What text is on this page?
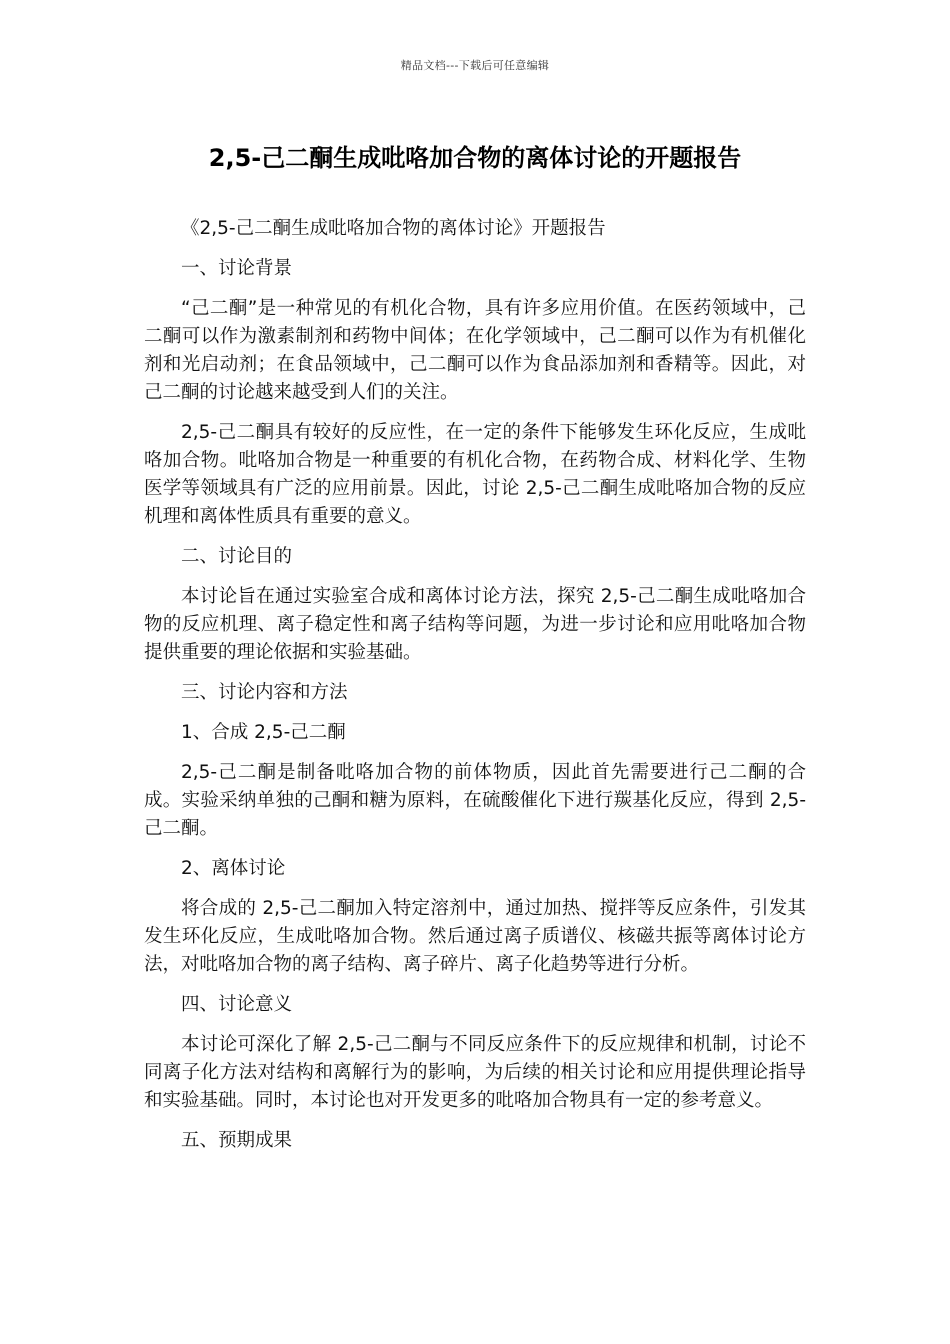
精品文档---下载后可任意编辑
2,5-己二酮生成吡咯加合物的离体讨论的开题报告

《2,5-己二酮生成吡咯加合物的离体讨论》开题报告

一、讨论背景

“己二酮”是一种常见的有机化合物，具有许多应用价值。在医药领域中，己二酮可以作为激素制剂和药物中间体；在化学领域中，己二酮可以作为有机催化剂和光启动剂；在食品领域中，己二酮可以作为食品添加剂和香精等。因此，对己二酮的讨论越来越受到人们的关注。

2,5-己二酮具有较好的反应性，在一定的条件下能够发生环化反应，生成吡咯加合物。吡咯加合物是一种重要的有机化合物，在药物合成、材料化学、生物医学等领域具有广泛的应用前景。因此，讨论 2,5-己二酮生成吡咯加合物的反应机理和离体性质具有重要的意义。

二、讨论目的

本讨论旨在通过实验室合成和离体讨论方法，探究 2,5-己二酮生成吡咯加合物的反应机理、离子稳定性和离子结构等问题，为进一步讨论和应用吡咯加合物提供重要的理论依据和实验基础。

三、讨论内容和方法

1、合成 2,5-己二酮

2,5-己二酮是制备吡咯加合物的前体物质，因此首先需要进行己二酮的合成。实验采纳单独的己酮和糖为原料，在硫酸催化下进行羰基化反应，得到 2,5-己二酮。

2、离体讨论

将合成的 2,5-己二酮加入特定溶剂中，通过加热、搅拌等反应条件，引发其发生环化反应，生成吡咯加合物。然后通过离子质谱仪、核磁共振等离体讨论方法，对吡咯加合物的离子结构、离子碎片、离子化趋势等进行分析。

四、讨论意义

本讨论可深化了解 2,5-己二酮与不同反应条件下的反应规律和机制，讨论不同离子化方法对结构和离解行为的影响，为后续的相关讨论和应用提供理论指导和实验基础。同时，本讨论也对开发更多的吡咯加合物具有一定的参考意义。

五、预期成果
